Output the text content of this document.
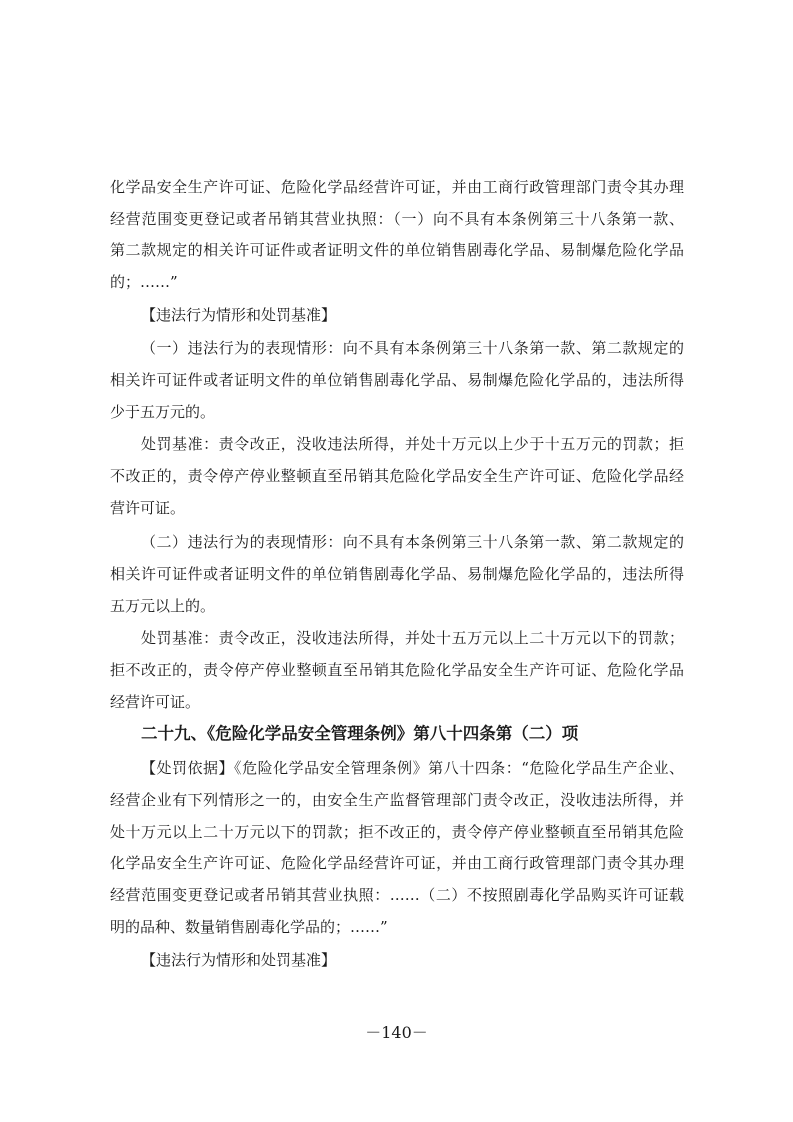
化学品安全生产许可证、危险化学品经营许可证，并由工商行政管理部门责令其办理
经营范围变更登记或者吊销其营业执照：（一）向不具有本条例第三十八条第一款、
第二款规定的相关许可证件或者证明文件的单位销售剧毒化学品、易制爆危险化学品
的；……”
【违法行为情形和处罚基准】
（一）违法行为的表现情形：向不具有本条例第三十八条第一款、第二款规定的
相关许可证件或者证明文件的单位销售剧毒化学品、易制爆危险化学品的，违法所得
少于五万元的。
处罚基准：责令改正，没收违法所得，并处十万元以上少于十五万元的罚款；拒
不改正的，责令停产停业整顿直至吊销其危险化学品安全生产许可证、危险化学品经
营许可证。
（二）违法行为的表现情形：向不具有本条例第三十八条第一款、第二款规定的
相关许可证件或者证明文件的单位销售剧毒化学品、易制爆危险化学品的，违法所得
五万元以上的。
处罚基准：责令改正，没收违法所得，并处十五万元以上二十万元以下的罚款；
拒不改正的，责令停产停业整顿直至吊销其危险化学品安全生产许可证、危险化学品
经营许可证。
二十九、《危险化学品安全管理条例》第八十四条第（二）项
【处罚依据】《危险化学品安全管理条例》第八十四条：“危险化学品生产企业、
经营企业有下列情形之一的，由安全生产监督管理部门责令改正，没收违法所得，并
处十万元以上二十万元以下的罚款；拒不改正的，责令停产停业整顿直至吊销其危险
化学品安全生产许可证、危险化学品经营许可证，并由工商行政管理部门责令其办理
经营范围变更登记或者吊销其营业执照：……（二）不按照剧毒化学品购买许可证载
明的品种、数量销售剧毒化学品的；……”
【违法行为情形和处罚基准】
－140－
